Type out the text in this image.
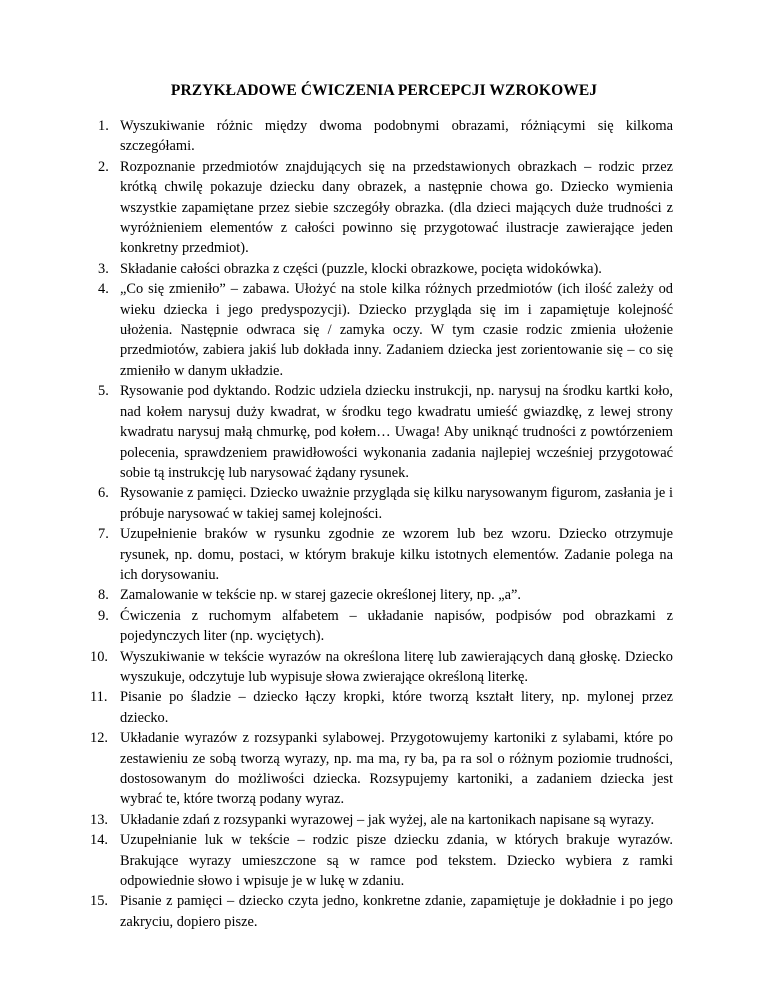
PRZYKŁADOWE ĆWICZENIA PERCEPCJI WZROKOWEJ
1. Wyszukiwanie różnic między dwoma podobnymi obrazami, różniącymi się kilkoma szczegółami.
2. Rozpoznanie przedmiotów znajdujących się na przedstawionych obrazkach – rodzic przez krótką chwilę pokazuje dziecku dany obrazek, a następnie chowa go. Dziecko wymienia wszystkie zapamiętane przez siebie szczegóły obrazka. (dla dzieci mających duże trudności z wyróżnieniem elementów z całości powinno się przygotować ilustracje zawierające jeden konkretny przedmiot).
3. Składanie całości obrazka z części (puzzle, klocki obrazkowe, pocięta widokówka).
4. „Co się zmieniło” – zabawa. Ułożyć na stole kilka różnych przedmiotów (ich ilość zależy od wieku dziecka i jego predyspozycji). Dziecko przygląda się im i zapamiętuje kolejność ułożenia. Następnie odwraca się / zamyka oczy. W tym czasie rodzic zmienia ułożenie przedmiotów, zabiera jakiś lub dokłada inny. Zadaniem dziecka jest zorientowanie się – co się zmieniło w danym układzie.
5. Rysowanie pod dyktando. Rodzic udziela dziecku instrukcji, np. narysuj na środku kartki koło, nad kołem narysuj duży kwadrat, w środku tego kwadratu umieść gwiazdkę, z lewej strony kwadratu narysuj małą chmurkę, pod kołem… Uwaga! Aby uniknąć trudności z powtórzeniem polecenia, sprawdzeniem prawidłowości wykonania zadania najlepiej wcześniej przygotować sobie tą instrukcję lub narysować żądany rysunek.
6. Rysowanie z pamięci. Dziecko uważnie przygląda się kilku narysowanym figurom, zasłania je i próbuje narysować w takiej samej kolejności.
7. Uzupełnienie braków w rysunku zgodnie ze wzorem lub bez wzoru. Dziecko otrzymuje rysunek, np. domu, postaci, w którym brakuje kilku istotnych elementów. Zadanie polega na ich dorysowaniu.
8. Zamalowanie w tekście np. w starej gazecie określonej litery, np. „a”.
9. Ćwiczenia z ruchomym alfabetem – układanie napisów, podpisów pod obrazkami z pojedynczych liter (np. wyciętych).
10. Wyszukiwanie w tekście wyrazów na określona literę lub zawierających daną głoskę. Dziecko wyszukuje, odczytuje lub wypisuje słowa zwierające określoną literkę.
11. Pisanie po śladzie – dziecko łączy kropki, które tworzą kształt litery, np. mylonej przez dziecko.
12. Układanie wyrazów z rozsypanki sylabowej. Przygotowujemy kartoniki z sylabami, które po zestawieniu ze sobą tworzą wyrazy, np. ma ma, ry ba, pa ra sol o różnym poziomie trudności, dostosowanym do możliwości dziecka. Rozsypujemy kartoniki, a zadaniem dziecka jest wybrać te, które tworzą podany wyraz.
13. Układanie zdań z rozsypanki wyrazowej – jak wyżej, ale na kartonikach napisane są wyrazy.
14. Uzupełnianie luk w tekście – rodzic pisze dziecku zdania, w których brakuje wyrazów. Brakujące wyrazy umieszczone są w ramce pod tekstem. Dziecko wybiera z ramki odpowiednie słowo i wpisuje je w lukę w zdaniu.
15. Pisanie z pamięci – dziecko czyta jedno, konkretne zdanie, zapamiętuje je dokładnie i po jego zakryciu, dopiero pisze.
